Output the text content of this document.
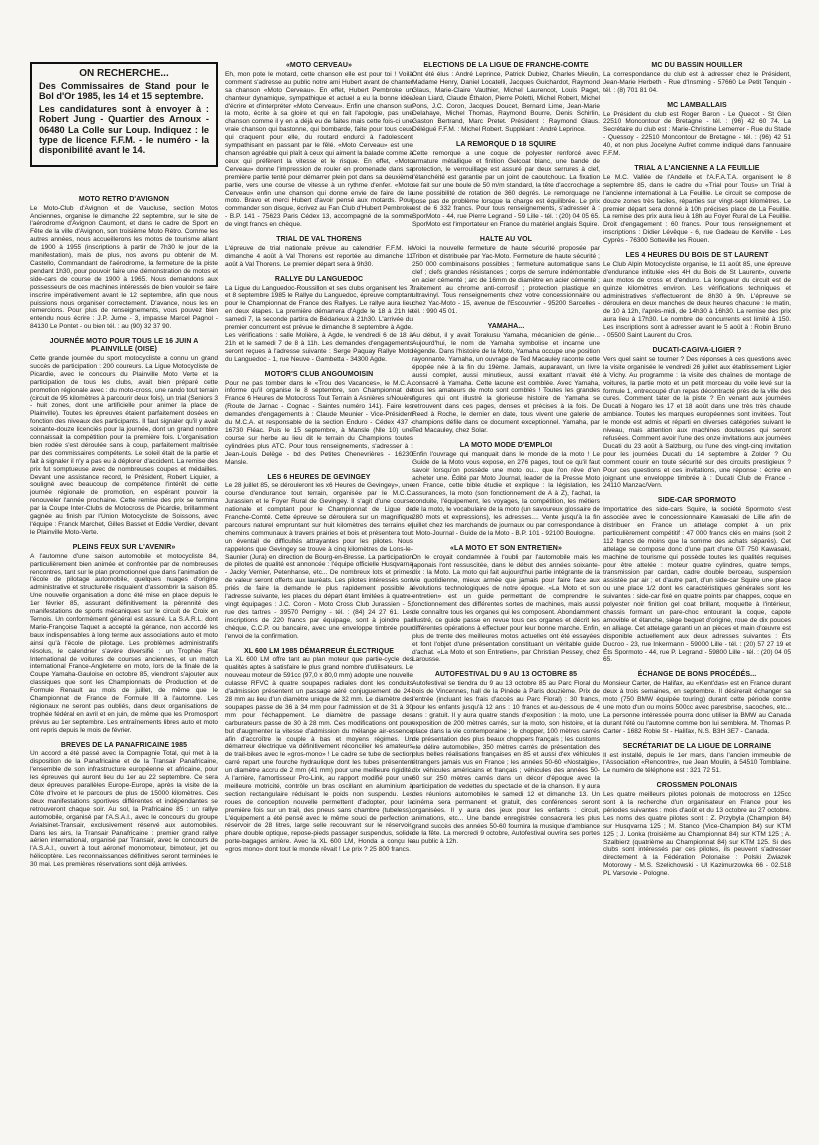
ON RECHERCHE...

Des Commissaires de Stand pour le Bol d'Or 1985, les 14 et 15 septembre.

Les candidatures sont à envoyer à : Robert Jung - Quartier des Arnoux - 06480 La Colle sur Loup. Indiquez : le type de licence F.F.M. - le numéro - la disponibilité avant le 14.

MOTO RETRO D'AVIGNON

Le Moto-Club d'Avignon et de Vaucluse, section Motos Anciennes, organise le dimanche 22 septembre, sur le site de l'aérodrome d'Avignon Caumont, et dans le cadre de Sport en Fête de la ville d'Avignon, son troisième Moto Rétro. Comme les autres années, nous accueillerons les motos de tourisme allant de 1900 à 1955 (inscriptions à partir de 7h30 le jour de la manifestation), mais de plus, nos avons pu obtenir de M. Castello, Commandant de l'aérodrome, la fermeture de la piste pendant 1h30, pour pouvoir faire une démonstration de motos et side-cars de course de 1900 à 1965. Nous demandons aux possesseurs de ces machines intéressés de bien vouloir se faire inscrire impérativement avant le 12 septembre, afin que nous puissions nous organiser correctement. D'avance, nous les en remercions. Pour plus de renseignements, vous pouvez bien entendu nous écrire : J.P. Jume - 3, impasse Marcel Pagnol - 84130 Le Pontet - ou bien tél. : au (90) 32 37 90.

JOURNÉE MOTO POUR TOUS LE 16 JUIN A PLAINVILLE (OISE)

Cette grande journée du sport motocycliste a connu un grand succès de participation : 200 coureurs. La Ligue Motocycliste de Picardie, avec le concours du Plainville Moto Verte et la participation de tous les clubs, avait bien préparé cette promotion régionale avec : du moto-cross, une rando tout terrain (circuit de 95 kilomètres à parcourir deux fois), un trial (Seniors 3 - huit zones, dont une artificielle pour animer la place de Plainville). Toutes les épreuves étaient parfaitement dosées en fonction des niveaux des participants. Il faut signaler qu'il y avait soixante-douze licenciés pour la journée, dont un grand nombre connaissait la compétition pour la première fois. L'organisation bien rodée s'est déroulée sans à coup, parfaitement maîtrisée par des commissaires compétents. Le soleil était de la partie et fait à signaler il n'y a pas eu à déplorer d'accident. La remise des prix fut somptueuse avec de nombreuses coupes et médailles. Devant une assistance record, le Président, Robert Liquier, a souligné avec beaucoup de compétence l'intérêt de cette journée régionale de promotion, en espérant pouvoir la renouveler l'année prochaine. Cette remise des prix se termina par la Coupe Inter-Clubs de Motocross de Picardie, brillamment gagnée au finish par l'Union Motocycliste de Soissons, avec l'équipe : Franck Marchet, Gilles Basset et Eddie Verdier, devant le Plainville Moto-Verte.

PLEINS FEUX SUR L'AVENIR»

A l'automne d'une saison automobile et motocycliste 84, particulièrement bien animée et confrontée par de nombreuses rencontres, tant sur le plan promotionnel que dans l'animation de l'école de pilotage automobile, quelques nuages d'origine administrative et structurelle risquaient d'assombrir la saison 85. Une nouvelle organisation a donc été mise en place depuis le 1er février 85, assurant définitivement la pérennité des manifestations de sports mécaniques sur le circuit de Croix en Ternois. Un conformément général est assuré. La S.A.R.L. dont Marie-Françoise Taquet a accepté la gérance, non accordé les baux indispensables à long terme aux associations auto et moto ainsi qu'à l'école de pilotage. Les problèmes administratifs résolus, le calendrier s'avère diversifié : un Trophée Flat International de voitures de courses anciennes, et un match international France-Angleterre en moto, lors de la finale de la Coupe Yamaha-Gauloise en octobre 85, viendront s'ajouter aux classiques que sont les Championnats de Production et de Formule Renault au mois de juillet, de même que le Championnat de France de Formule III à l'automne. Les régionaux ne seront pas oubliés, dans deux organisations de trophée fédéral en avril et en juin, de même que les Promosport prévus au 1er septembre. Les entraînements libres auto et moto ont repris depuis le mois de février.

BREVES DE LA PANAFRICAINE 1985

Un accord a été passé avec la Compagnie Total, qui met à la disposition de la Panafricaine et de la Transair Panafricaine, l'ensemble de son infrastructure européenne et africaine, pour les épreuves qui auront lieu du 1er au 22 septembre. Ce sera deux épreuves parallèles Europe-Europe, après la visite de la Côte d'Ivoire et le parcours de plus de 15000 kilomètres. Ces deux manifestations sportives différentes et indépendantes se retrouveront chaque soir. Au sol, la Prafricaine 85 : un rallye automobile, organisé par l'A.S.A.I., avec le concours du groupe Avialsinet-Transair, exclusivement réservé aux automobiles. Dans les airs, la Transair Panafricaine : premier grand rallye aérien international, organisé par Transair, avec le concours de l'A.S.A.I., ouvert à tout aéronef monomoteur, bimoteur, jet ou hélicoptère. Les reconnaissances définitives seront terminées le 30 mai. Les premières réservations sont déjà arrivées.

«MOTO CERVEAU»

Eh, mon pote le motard, cette chanson elle est pour toi ! Voilà comment s'adresse au public notre ami Hubert avant de chanter sa chanson «Moto Cerveau». En effet, Hubert Pembroke un chanteur dynamique, sympathique et actuel a eu la bonne idée d'écrire et d'interpréter «Moto Cerveau». Enfin une chanson sur la moto, écrite à sa gloire et qui en fait l'apologie, pas une chanson comme il y en a déjà eu de faites mais cette fois-ci une vraie chanson qui bastonne, qui bombarde, faite pour tous ceux qui craquent pour elle, du routard endurci à l'adolescent sympathisant en passant par le fêlé. «Moto Cerveau» est une chanson agréable qui plaît à ceux qui aiment la balade comme à ceux qui préfèrent la vitesse et le risque. En effet, «Moto Cerveau» donne l'impression de rouler en promenade dans sa première partie tenté pour démarrer plein pot dans sa deuxième partie, vers une course de vitesse à un rythme d'enfer. «Moto Cerveau» enfin une chanson qui donne envie de faire de la moto. Bravo et merci Hubert d'avoir pensé aux motards. Pour commander son disque, écrivez au Fan Club d'Hubert Pembroke - B.P. 141 - 75623 Paris Cédex 13, accompagné de la somme de vingt francs en chèque.

TRIAL DE VAL THORENS

L'épreuve de trial nationale prévue au calendrier F.F.M. le dimanche 4 août à Val Thorens est reportée au dimanche 11 août à Val Thorens. Le premier départ sera à 9h30.

RALLYE DU LANGUEDOC

La Ligue du Languedoc-Roussillon et ses clubs organisent les 7 et 8 septembre 1985 le Rallye du Languedoc, épreuve comptant pour le Championnat de France des Rallyes. Le rallye aura lieu en deux étapes. La première démarrera d'Agde le 18 à 21h le samedi 7, la seconde partira de Bédarieux à 21h30. L'arrivée du premier concurrent est prévue le dimanche 8 septembre à Agde. Les vérifications : salle Molière, à Agde, le vendredi 6 de 18 à 21h et le samedi 7 de 8 à 11h. Les demandes d'engagements seront reçues à l'adresse suivante : Serge Paquay Rallye Moto du Languedoc - 1, rue Neuve - Gambetta - 34300 Agde.

MOTOR'S CLUB ANGOUMOISIN

Pour ne pas tomber dans le «Trou des Vacances», le M.C.A. informe qu'il organise le 8 septembre, son Championnat de France 6 Heures de Motocross Tout Terrain à Asnières s/Nouère (Route de Jarnac - Cognac - Saintes numéro 141). Faire les demandes d'engagements à : Claude Meunier - Vice-Président du M.C.A. et responsable de la section Enduro - Cédex 437 - 16730 Fléac. Puis le 15 septembre, à Mansle (Nle 10) une course sur herbe au lieu dit le terrain du Champions toutes cylindrées plus ATC. Pour tous renseignements, s'adresser à : Jean-Louis Delège - bd des Petites Chenevrières - 16230 Mansle.

LES 6 HEURES DE GEVINGEY

Le 28 juillet 85, se dérouleront les x6 Heures de Gevingey», une course d'endurance tout terrain, organisée par le M.C.C. Jurassien et le Foyer Rural de Gevingey. Il s'agit d'une course nationale et comptant pour le Championnat de Ligue de Franche-Comté. Cette épreuve se déroulera sur un magnifique parcours naturel empruntant sur huit kilomètres des terrains et chemins communaux à travers prairies et bois et présentera tout un éventail de difficultés attrayantes pour les pilotes. Nous rappelons que Gevingey se trouve à cinq kilomètres de Lons-le-Saunier (Jura) en direction de Bourg-en-Bresse. La participation de pilotes de qualité est annoncée : l'équipe officielle Husqvarna - Jacky Vernier, Petenhanse, etc... De nombreux lots et primes de valeur seront offerts aux lauréats. Les pilotes intéressés sont priés de faire la demande le plus rapidement possible à l'adresse suivante, les places du départ étant limitées à quatre-vingt équipages : J.C. Coron - Moto Cross Club Jurassien - 5, rue des tartres - 39570 Perrigny - tél. : (84) 24 27 61. Les inscriptions de 220 francs par équipage, sont à joindre par chèque, C.C.P. ou bancaire, avec une enveloppe timbrée pour l'envoi de la confirmation.

XL 600 LM 1985 DÉMARREUR ÉLECTRIQUE

La XL 600 LM offre tant au plan moteur que partie-cycle des qualités aptes à satisfaire le plus grand nombre d'utilisateurs. Le nouveau moteur de 591cc (97,0 x 80,0 mm) adopte une nouvelle culasse RFVC à quatre soupapes radiales dont les conduits d'admission présentent un passage aéré conjuguement de 24-28 mm au lieu d'un diamètre unique de 32 mm. Le diamètre des soupapes passe de 36 à 34 mm pour l'admission et de 31 à 30 mm pour l'échappement. Le diamètre de passage des carburateurs passe de 30 à 28 mm. Ces modifications ont pour but d'augmenter la vitesse d'admission du mélange air-essence afin d'accroître le couple à bas et moyens régimes. Un démarreur électrique va définitivement réconcilier les amateurs de trail-bikes avec le «gros-mono» ! Le cadre se tube de section carré repart une fourche hydraulique dont les tubes présentent un diamètre accru de 2 mm (41 mm) pour une meilleure rigidité. A l'arrière, l'amortisseur Pro-Link, au rapport modifié pour une meilleure motricité, contrôle un bras oscillant en aluminium à section rectangulaire réduisant le poids non suspendu. Les roues de conception nouvelle permettent d'adopter, pour la première fois sur un trail, des pneus sans chambre (tubeless). L'équipement a été pensé avec le même souci de perfection : réservoir de 28 litres, large selle recouvrant sur le réservoir, phare double optique, repose-pieds passager suspendus, solide porte-bagages arrière. Avec la XL 600 LM, Honda a conçu le «gros mono» dont tout le monde rêvait ! Le prix ? 25 800 francs.

ÉLECTIONS DE LA LIGUE DE FRANCHE-COMTÉ

Ont été élus : André Leprince, Patrick Dubiez, Charles Mieulin, Madame Henry, Daniel Locatelli, Jacques Guichardot, Raymond Glaus, Marie-Claire Vauthier, Michel Laurencot, Louis Paget, Jean Liard, Claude Éthalon, Pierre Poletti, Michel Robert, Michel Pons, J.C. Coron, Jacques Doucet, Bernard Lime, Jean-Marie Delahaye, Michel Thomas, Raymond Bourre, Denis Schirlin, Gaston Bertrand, Marc Pretet. Président : Raymond Glaus. Délégué F.F.M. : Michel Robert. Suppléant : André Leprince.

LA REMORQUE D 18 SQUIRE

Cette remorque a une coque de polyester renforcé avec armature métallique et finition Gelcoat blanc, une bande de protection, le verrouillage est assuré par deux serrures à clef, l'étanchéité est garantie par un joint de caoutchouc. La fixation se fait sur une boule de 50 m/m standard, la tête d'accrochage a une possibilité de rotation de 360 degrés. Le remorquage ne pose pas de problème lorsque la charge est équilibrée. Le prix est de 6 332 francs. Pour tous renseignements, s'adresser à : SporMoto - 44, rue Pierre Legrand - 59 Lille - tél. : (20) 04 05 65. SporMoto est l'importateur en France du matériel anglais Squire.

HALTE AU VOL

Voici la nouvelle fermeture de haute sécurité proposée par Tribon et distribuée par Yac-Moto. Fermeture de haute sécurité ; 250 000 combinaisons possibles ; fermeture automatique sans clef ; clefs grandes résistances ; corps de serrure indémontable en acier cémenté ; arc de 16mm de diamètre en acier cémenté ; traitement au chrome anti-corrosif ; protection plastique en ultravinyl. Tous renseignements chez votre concessionnaire ou chez Yac-Moto - 15, avenue de l'Escouvrier - 95200 Sarcelles - tél. : 990 45 01.

YAMAHA...

Au début, il y avait Torakusu Yamaha, mécanicien de génie... Aujourd'hui, le nom de Yamaha symbolise et incarne une légende. Dans l'histoire de la Moto, Yamaha occupe une position rayonnante. Yamaha, un ouvrage de Ted Macauley raconte cette épopée née à la fin du 19ème. Jamais, auparavant, un livre aussi complet, aussi minutieux, aussi exaltant n'avait été consacré à Yamaha. Cette lacune est comblée. Avec Yamaha, tous les amateurs de moto sont comblés ! Toutes les grandes figures qui ont illustré la glorieuse histoire de Yamaha se retrouvent dans ces pages, denses et précises à la fois. De Reed à Roche, le dernier en date, tous vivent une galerie de champions défile dans ce document exceptionnel. Yamaha, par Ted Macauley, chez Solar.

LA MOTO MODE D'EMPLOI

Enfin l'ouvrage qui manquait dans le monde de la moto ! Le Guide de la Moto vous expose, en 276 pages, tout ce qu'il faut savoir lorsqu'on possède une moto ou... que l'on rêve d'en acheter une. Édité par Moto Journal, leader de la Presse Moto en France, cette bible étudie et explique : la législation, les assurances, la moto (son fonctionnement de A à Z), l'achat, la conduite, l'équipement, les voyages, la compétition, les métiers de la moto, le vocabulaire de la moto (un savoureux glossaire de 280 mots et expressions), les adresses.... Vente jusqu'à la fin juillet chez les marchands de journaux ou par correspondance à : Moto-Journal - Guide de la Moto - B.P. 101 - 92100 Boulogne.

«LA MOTO ET SON ENTRETIEN»

On le croyait condamnée à l'oubli par l'automobile mais les japonais l'ont ressuscitée, dans le début des années soixante-dix : la Moto. La moto qui fait aujourd'hui partie intégrante de la vie quotidienne, mieux armée que jamais pour faire face aux évolutions technologiques de notre époque. «La Moto et son entretien» est un guide permettant de comprendre le fonctionnement des différentes sortes de machines, mais aussi de connaître tous les organes qui les composent. Abondamment illustré, ce guide passe en revue tous ces organes et décrit les différentes opérations à effectuer pour leur bonne marche. Enfin, plus de trente des meilleures motos actuelles ont été essayées et font l'objet d'une présentation constituant un véritable guide d'achat. «La Moto et son Entretien», par Christian Pessey, chez Larousse.

AUTOFESTIVAL DU 9 AU 13 OCTOBRE 85

Autofestival se tiendra du 9 au 13 octobre 85 au Parc Floral du bois de Vincennes, hall de la Pinède à Paris douzième. Prix de l'entrée (incluant les frais d'accès au Parc Floral) : 30 francs, pour les enfants jusqu'à 12 ans : 10 francs et au-dessous de 4 ans : gratuit. Il y aura quatre stands d'exposition : la moto, une exposition de 200 mètres carrés, sur la moto, son histoire, et la place dans la vie contemporaine ; le chopper, 100 mètres carrés de présentation des plus beaux choppers français ; les customs «le délire automobile», 350 mètres carrés de présentation des plus belles réalisations françaises en 85 et aussi d'ex véhicules étrangers jamais vus en France ; les années 50-60 «Nostalgie», dix véhicules américains et français ; véhicules des années 50-60 sur 250 mètres carrés dans un décor d'époque avec la participation de vedettes du spectacle et de la chanson. Il y aura des réunions automobiles le samedi 12 et dimanche 13. Un cinéma sera permanent et gratuit, des conférences seront organisées. Il y aura des jeux pour les enfants : circuit, animations, etc... Une bande enregistrée consacrera les plus grand succès des années 50-60 fournira la musique d'ambiance de la fête. La mercredi 9 octobre, Autofestival ouvrira ses portes au public à 12h.

MC DU BASSIN HOUILLER

La correspondance du club est à adresser chez le Président, Jean-Marie Herbeth - Rue d'Insming - 57660 Le Petit Tenquin - tél. : (8) 701 81 04.

MC LAMBALLAIS

Le Président du club est Roger Baron - Le Quecot - St Glen 22510 Moncontour de Bretagne - tél. : (96) 42 60 74. La Secrétaire du club est : Marie-Christine Lemerrer - Rue du Stade - Quessoy - 22510 Moncontour de Bretagne - tél. : (96) 42 51 40, et non plus Jocelyne Aufret comme indiqué dans l'annuaire F.F.M.

TRIAL A L'ANCIENNE A LA FEUILLIE

Le M.C. Vallée de l'Andelle et l'A.F.A.T.A. organisent le 8 septembre 85, dans le cadre du «Trial pour Tous» un Trial à l'ancienne international à La Feuillie. Le circuit se compose de douze zones très faciles, réparties sur vingt-sept kilomètres. Le premier départ sera donné à 10h précises place de La Feuillie. La remise des prix aura lieu à 18h au Foyer Rural de La Feuillie. Droit d'engagement : 60 francs. Pour tous renseignement et inscriptions : Didier Lévêque - 6, rue Gadeau de Kerville - Les Cyprès - 76300 Sotteville les Rouen.

LES 4 HEURES DU BOIS DE ST LAURENT

Le Club Alpin Motocycliste organise, le 11 août 85, une épreuve d'endurance intitulée «les 4H du Bois de St Laurent», ouverte aux motos de cross et d'enduro. La longueur du circuit est de quinze kilomètres environ. Les vérifications techniques et administratives s'effectueront de 8h30 à 9h. L'épreuve se déroulera en deux manches de deux heures chacune : le matin, de 10 à 12h, l'après-midi, de 14h30 à 16h30. La remise des prix aura lieu à 17h30. Le nombre de concurrents est limité à 150. Les inscriptions sont à adresser avant le 5 août à : Robin Bruno - 05500 Saint Laurent du Cros.

DUCATI-CAGIVA-LIGIER ?

Vers quel saint se tourner ? Des réponses à ces questions avec la visite organisée le vendredi 26 juillet aux établissement Ligier à Vichy. Au programme : la visite des chaînes de montage de voitures, la partie moto et un petit morceau du voile levé sur la formule 1, entrecoupé d'un repas décontracté près de la ville des cures. Comment tater de la piste ? En venant aux journées Ducati à Nogaro les 17 et 18 août dans une très très chaude ambiance. Toutes les marques européennes sont invitées. Tout le monde est admis et réparti en diverses catégories suivant le niveau, mais attention aux machines douteuses qui seront refusées. Comment avoir l'une des onze invitations aux journées Ducati du 23 août à Salzburg, ou l'une des vingt-cinq invitation pour les journées Ducati du 14 septembre à Zolder ? Ou comment courir en toute sécurité sur des circuits prestigieux ? Pour ces questions et ces invitations, une réponse : écrire en joignant une enveloppe timbrée à : Ducati Club de France - 24110 Manzac/Vern.

SIDE-CAR SPORMOTO

Importatrice des side-cars Squire, la société Spormoto s'est associée avec le concessionnaire Kawasaki de Lille afin de distribuer en France un attelage complet à un prix particulièrement compétitif : 47 000 francs clés en mains (soit 2 112 francs de moins que la somme des achats séparés). Cet attelage se compose donc d'une part d'une GT 750 Kawasaki, machine de tourisme qui possède toutes les qualités requises pour être attelée : moteur quatre cylindres, quatre temps, transmission par cardan, cadre double berceau, suspension assistée par air ; et d'autre part, d'un side-car Squire une place ou une place 1/2 dont les caractéristiques générales sont les suivantes : side-car fixé en quatre points par chappes, coque en polyester noir finition gel coat brillant, moquette à l'intérieur, chassis formant un pare-choc entourant la coque, capote amovible et étanche, siège bequet d'origine, roue de dix pouces en alliage. Cet attelage garanti un an pièces et main d'œuvre est disponible actuellement aux deux adresses suivantes : Éts Ducroo - 23, rue Inkermann - 59000 Lille - tél. : (20) 57 27 19 et Éts Spormoto - 44, rue P. Legrand - 59800 Lille - tél. : (20) 04 05 65.

ÉCHANGE DE BONS PROCÉDÉS...

Monsieur Carter, de Halifax, au «Kent'das» est en France durant deux à trois semaines, en septembre. Il désirerait échanger sa moto (750 BMW équipée touring) durant cette période contre une moto d'un ou moins 500cc avec paresbrise, sacoches, etc... La personne intéressée pourra donc utiliser la BMW au Canada durant l'été ou l'automne comme bon lui semblera. M. Thomas P. Carter - 1682 Robie St - Halifax, N.S. B3H 3E7 - Canada.

SECRÉTARIAT DE LA LIGUE DE LORRAINE

Il est installé, depuis le 1er mars, dans l'ancien immeuble de l'Association «Rencontre», rue Jean Moulin, à 54510 Tomblaine. Le numéro de téléphone est : 321 72 51.

CROSSMEN POLONAIS

Les quatre meilleurs pilotes polonais de motocross en 125cc sont à la recherche d'un organisateur en France pour les périodes suivantes : mois d'août et du 13 octobre au 27 octobre. Les noms des quatre pilotes sont : Z. Przybyla (Champion 84) sur Husqvarna 125 ; M. Stanco (Vice-Champion 84) sur KTM 125 ; J. Lonka (troisième au Championnat 84) sur KTM 125 ; A. Szalbierz (quatrième au Championnat 84) sur KTM 125. Si des clubs sont intéressés par ces pilotes, ils peuvent s'adresser directement à la Fédération Polonaise : Polski Zwiazek Motorowy - M.S. Szelichowski - Ul Kazimurzowka 66 - 02.518 PL Varsovie - Pologne.
